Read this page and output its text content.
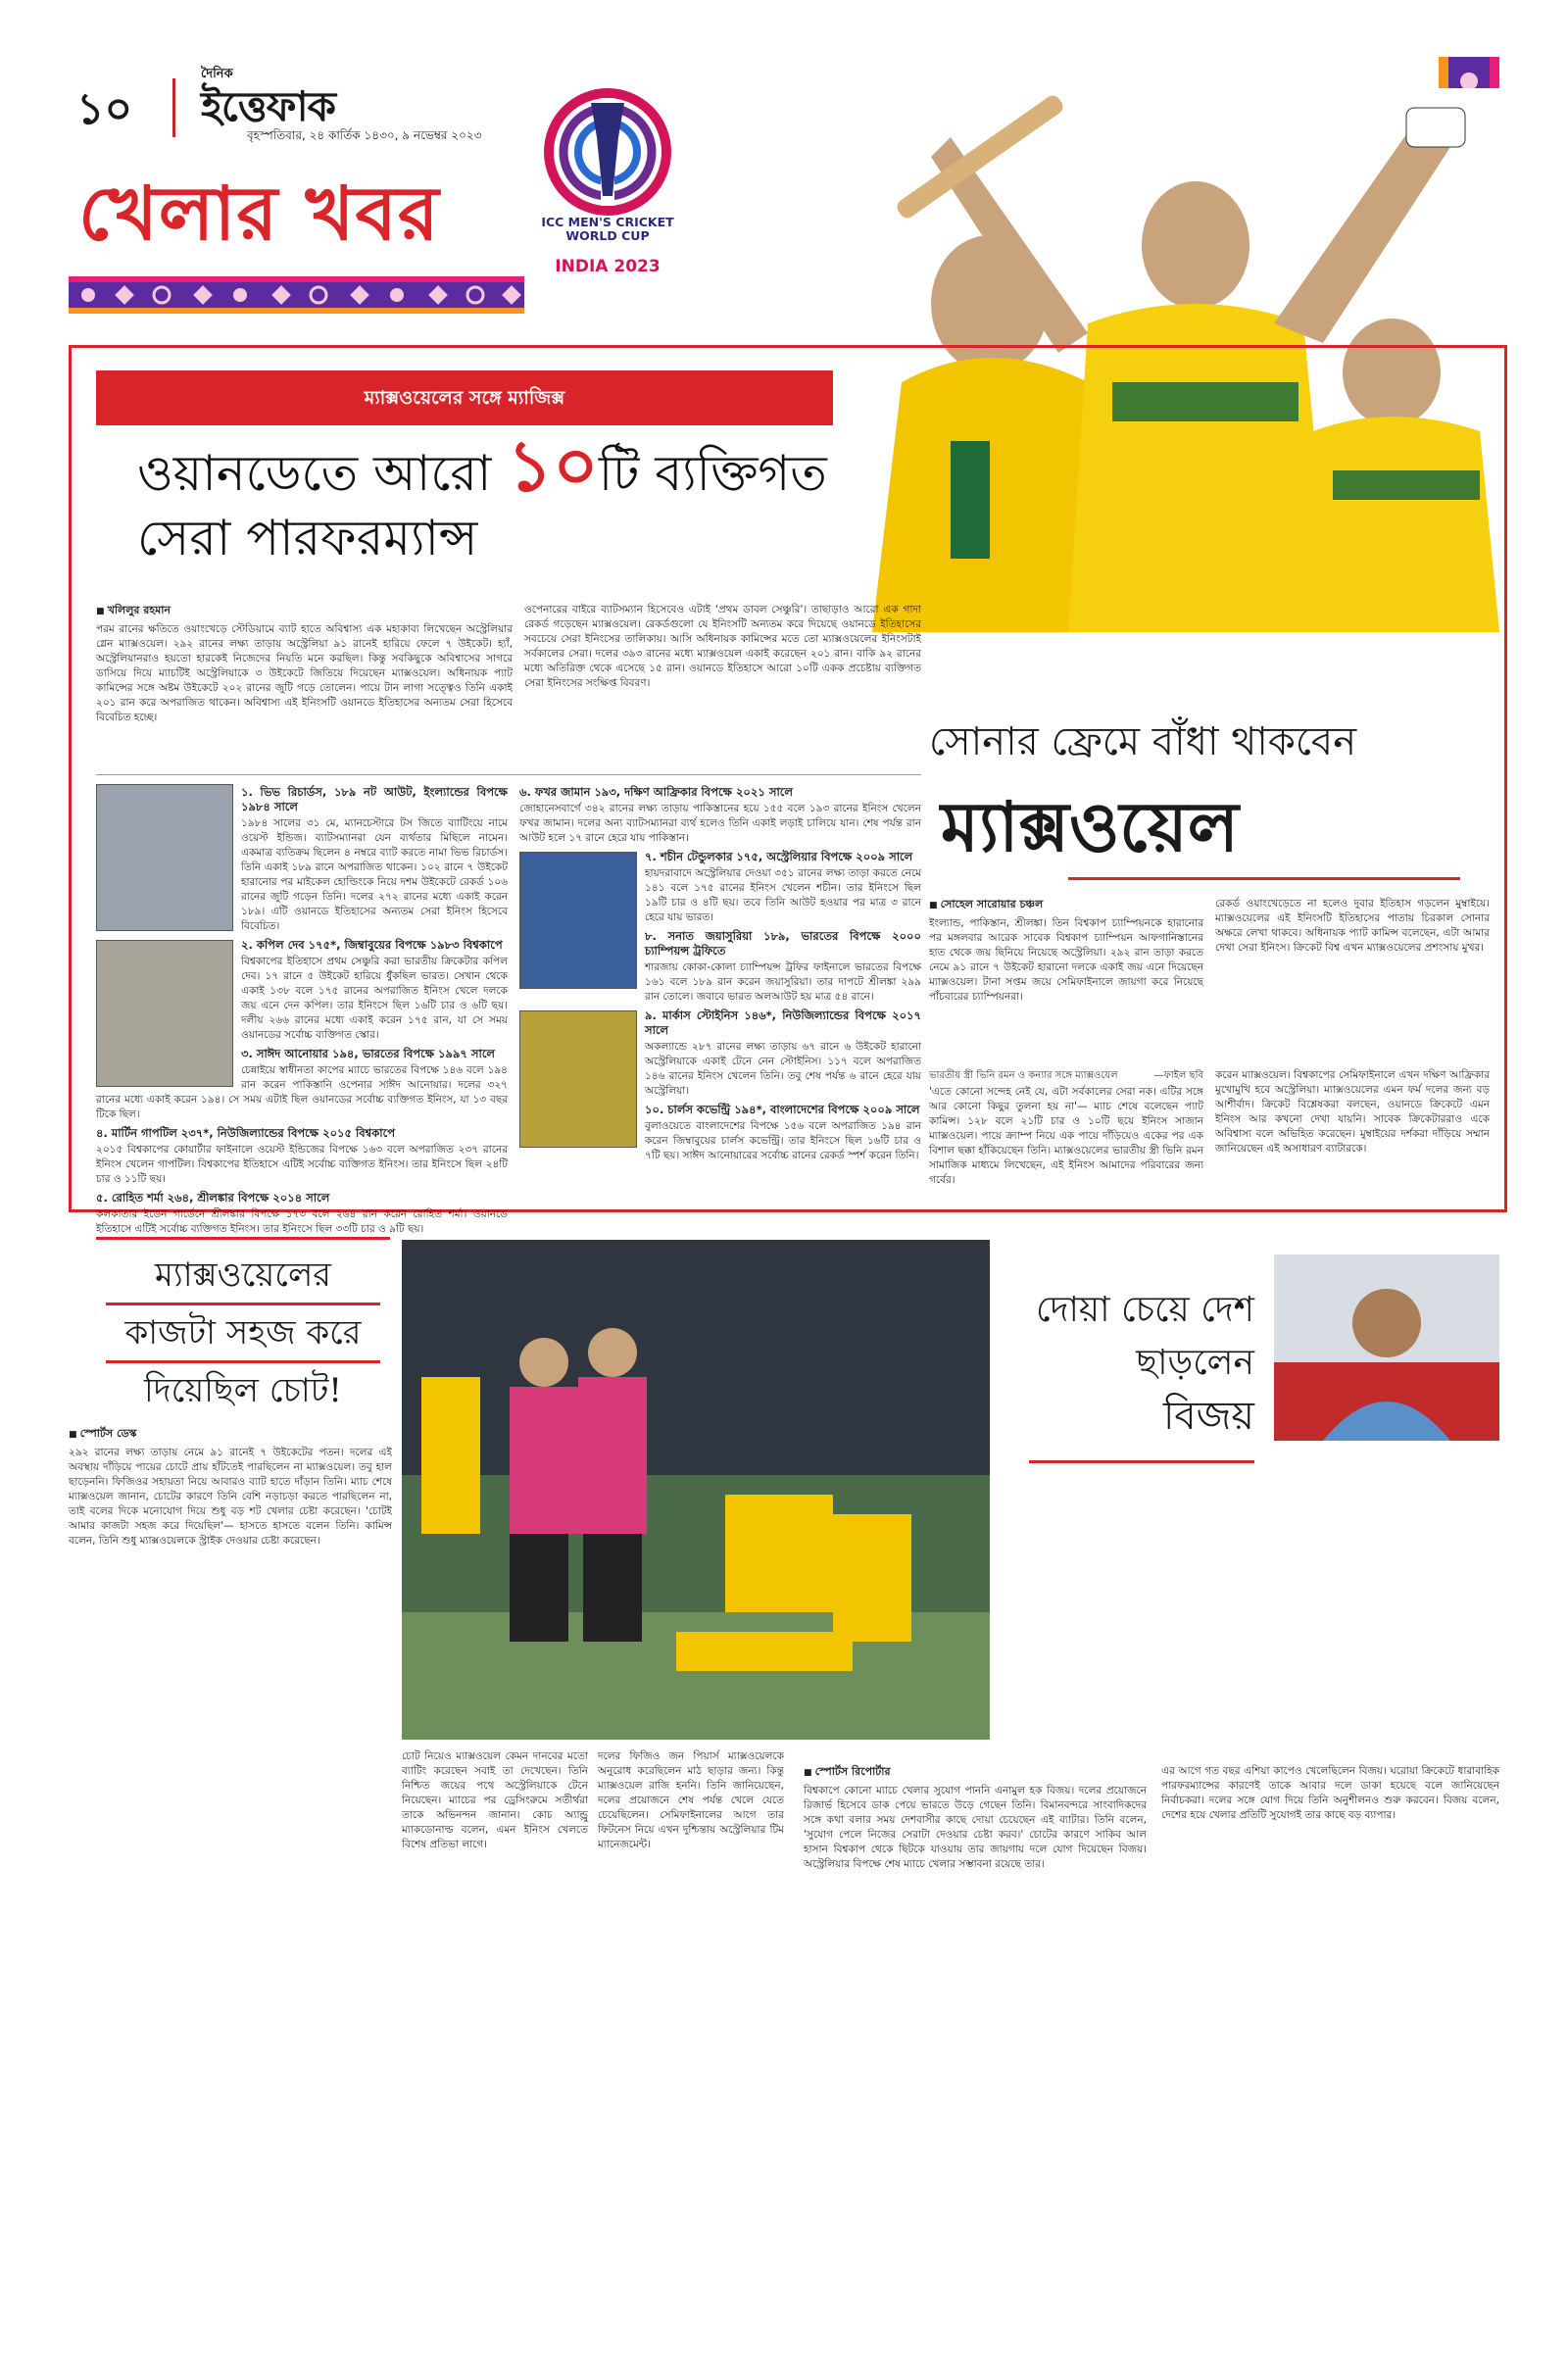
১০
দৈনিক
ইত্তেফাক
বৃহস্পতিবার, ২৪ কার্তিক ১৪৩০, ৯ নভেম্বর ২০২৩
খেলার খবর	ICC MEN'S CRICKET WORLD CUP
INDIA 2023
ম্যাক্সওয়েলের সঙ্গে ম্যাজিক্স
ওয়ানডেতে আরো ১০টি ব্যক্তিগত
সেরা পারফরম্যান্স
■ খলিলুর রহমান

পরম রানের ক্ষতিতে ওয়াংখেড়ে স্টেডিয়ামে ব্যাট হাতে অবিশ্বাস্য এক মহাকাব্য লিখেছেন অস্ট্রেলিয়ার গ্লেন ম্যাক্সওয়েল। ২৯২ রানের লক্ষ্য তাড়ায় অস্ট্রেলিয়া ৯১ রানেই হারিয়ে ফেলে ৭ উইকেট। হ্যাঁ, অস্ট্রেলিয়ানরাও হয়তো হারকেই নিজেদের নিয়তি মনে করছিল। কিন্তু সবকিছুকে অবিশ্বাসের সাগরে ডাসিয়ে দিয়ে ম্যাচটিই অস্ট্রেলিয়াকে ৩ উইকেটে জিতিয়ে দিয়েছেন ম্যাক্সওয়েল। অধিনায়ক প্যাট কামিন্সের সঙ্গে অষ্টম উইকেটে ২০২ রানের জুটি গড়ে তোলেন। পায়ে টান লাগা সত্ত্বেও তিনি একাই ২০১ রান করে অপরাজিত থাকেন। অবিশ্বাস্য এই ইনিংসটি ওয়ানডে ইতিহাসের অন্যতম সেরা হিসেবে বিবেচিত হচ্ছে।

ওপেনারের বাইরে ব্যাটসম্যান হিসেবেও এটাই 'প্রথম ডাবল সেঞ্চুরি'। তাছাড়াও আরো এক গাদা রেকর্ড গড়েছেন ম্যাক্সওয়েল। রেকর্ডগুলো যে ইনিংসটি অন্যতম করে দিয়েছে ওয়ানডে ইতিহাসের সবচেয়ে সেরা ইনিংসের তালিকায়। আসি অধিনায়ক কামিন্সের মতে তো ম্যাক্সওয়েলের ইনিংসটাই সর্বকালের সেরা। দলের ৩৯৩ রানের মধ্যে ম্যাক্সওয়েল একাই করেছেন ২০১ রান। বাকি ৯২ রানের মধ্যে অতিরিক্ত থেকে এসেছে ১৫ রান। ওয়ানডে ইতিহাসে আরো ১০টি একক প্রচেষ্টায় ব্যক্তিগত সেরা ইনিংসের সংক্ষিপ্ত বিবরণ।

১. ভিভ রিচার্ডস, ১৮৯ নট আউট, ইংল্যান্ডের বিপক্ষে ১৯৮৪ সালে

১৯৮৪ সালের ৩১ মে, ম্যানচেস্টারে টস জিতে ব্যাটিংয়ে নামে ওয়েস্ট ইন্ডিজ। ব্যাটসম্যানরা যেন ব্যর্থতার মিছিলে নামেন। একমাত্র ব্যতিক্রম ছিলেন ৪ নম্বরে ব্যাট করতে নামা ভিভ রিচার্ডস। তিনি একাই ১৮৯ রানে অপরাজিত থাকেন। ১০২ রানে ৭ উইকেট হারানোর পর মাইকেল হোল্ডিংকে নিয়ে দশম উইকেটে রেকর্ড ১০৬ রানের জুটি গড়েন তিনি। দলের ২৭২ রানের মধ্যে একাই করেন ১৮৯। এটি ওয়ানডে ইতিহাসের অন্যতম সেরা ইনিংস হিসেবে বিবেচিত।

২. কপিল দেব ১৭৫*, জিম্বাবুয়ের বিপক্ষে ১৯৮৩ বিশ্বকাপে

বিশ্বকাপের ইতিহাসে প্রথম সেঞ্চুরি করা ভারতীয় ক্রিকেটার কপিল দেব। ১৭ রানে ৫ উইকেট হারিয়ে ধুঁকছিল ভারত। সেখান থেকে একাই ১৩৮ বলে ১৭৫ রানের অপরাজিত ইনিংস খেলে দলকে জয় এনে দেন কপিল। তার ইনিংসে ছিল ১৬টি চার ও ৬টি ছয়। দলীয় ২৬৬ রানের মধ্যে একাই করেন ১৭৫ রান, যা সে সময় ওয়ানডের সর্বোচ্চ ব্যক্তিগত স্কোর।

৩. সাঈদ আনোয়ার ১৯৪, ভারতের বিপক্ষে ১৯৯৭ সালে

চেন্নাইয়ে স্বাধীনতা কাপের ম্যাচে ভারতের বিপক্ষে ১৪৬ বলে ১৯৪ রান করেন পাকিস্তানি ওপেনার সাঈদ আনোয়ার। দলের ৩২৭ রানের মধ্যে একাই করেন ১৯৪। সে সময় এটাই ছিল ওয়ানডের সর্বোচ্চ ব্যক্তিগত ইনিংস, যা ১৩ বছর টিকে ছিল।

৪. মার্টিন গাপটিল ২৩৭*, নিউজিল্যান্ডের বিপক্ষে ২০১৫ বিশ্বকাপে

২০১৫ বিশ্বকাপের কোয়ার্টার ফাইনালে ওয়েস্ট ইন্ডিজের বিপক্ষে ১৬৩ বলে অপরাজিত ২৩৭ রানের ইনিংস খেলেন গাপটিল। বিশ্বকাপের ইতিহাসে এটিই সর্বোচ্চ ব্যক্তিগত ইনিংস। তার ইনিংসে ছিল ২৪টি চার ও ১১টি ছয়।

৫. রোহিত শর্মা ২৬৪, শ্রীলঙ্কার বিপক্ষে ২০১৪ সালে

কলকাতার ইডেন গার্ডেনে শ্রীলঙ্কার বিপক্ষে ১৭৩ বলে ২৬৪ রান করেন রোহিত শর্মা। ওয়ানডে ইতিহাসে এটিই সর্বোচ্চ ব্যক্তিগত ইনিংস। তার ইনিংসে ছিল ৩৩টি চার ও ৯টি ছয়।

৬. ফখর জামান ১৯৩, দক্ষিণ আফ্রিকার বিপক্ষে ২০২১ সালে

জোহানেসবার্গে ৩৪২ রানের লক্ষ্য তাড়ায় পাকিস্তানের হয়ে ১৫৫ বলে ১৯৩ রানের ইনিংস খেলেন ফখর জামান। দলের অন্য ব্যাটসম্যানরা ব্যর্থ হলেও তিনি একাই লড়াই চালিয়ে যান। শেষ পর্যন্ত রান আউট হলে ১৭ রানে হেরে যায় পাকিস্তান।

৭. শচীন টেন্ডুলকার ১৭৫, অস্ট্রেলিয়ার বিপক্ষে ২০০৯ সালে

হায়দরাবাদে অস্ট্রেলিয়ার দেওয়া ৩৫১ রানের লক্ষ্য তাড়া করতে নেমে ১৪১ বলে ১৭৫ রানের ইনিংস খেলেন শচীন। তার ইনিংসে ছিল ১৯টি চার ও ৪টি ছয়। তবে তিনি আউট হওয়ার পর মাত্র ৩ রানে হেরে যায় ভারত।

৮. সনাত জয়াসুরিয়া ১৮৯, ভারতের বিপক্ষে ২০০০ চ্যাম্পিয়ন্স ট্রফিতে

শারজায় কোকা-কোলা চ্যাম্পিয়ন্স ট্রফির ফাইনালে ভারতের বিপক্ষে ১৬১ বলে ১৮৯ রান করেন জয়াসুরিয়া। তার দাপটে শ্রীলঙ্কা ২৯৯ রান তোলে। জবাবে ভারত অলআউট হয় মাত্র ৫৪ রানে।

৯. মার্কাস স্টোইনিস ১৪৬*, নিউজিল্যান্ডের বিপক্ষে ২০১৭ সালে

অকল্যান্ডে ২৮৭ রানের লক্ষ্য তাড়ায় ৬৭ রানে ৬ উইকেট হারানো অস্ট্রেলিয়াকে একাই টেনে নেন স্টোইনিস। ১১৭ বলে অপরাজিত ১৪৬ রানের ইনিংস খেলেন তিনি। তবু শেষ পর্যন্ত ৬ রানে হেরে যায় অস্ট্রেলিয়া।

১০. চার্লস কভেন্ট্রি ১৯৪*, বাংলাদেশের বিপক্ষে ২০০৯ সালে

বুলাওয়েতে বাংলাদেশের বিপক্ষে ১৫৬ বলে অপরাজিত ১৯৪ রান করেন জিম্বাবুয়ের চার্লস কভেন্ট্রি। তার ইনিংসে ছিল ১৬টি চার ও ৭টি ছয়। সাঈদ আনোয়ারের সর্বোচ্চ রানের রেকর্ড স্পর্শ করেন তিনি।

সোনার ফ্রেমে বাঁধা থাকবেন
ম্যাক্সওয়েল
■ সোহেল সারোয়ার চঞ্চল

ইংল্যান্ড, পাকিস্তান, শ্রীলঙ্কা। তিন বিশ্বকাপ চ্যাম্পিয়নকে হারানোর পর মঙ্গলবার আরেক সাবেক বিশ্বকাপ চ্যাম্পিয়ন আফগানিস্তানের হাত থেকে জয় ছিনিয়ে নিয়েছে অস্ট্রেলিয়া। ২৯২ রান তাড়া করতে নেমে ৯১ রানে ৭ উইকেট হারানো দলকে একাই জয় এনে দিয়েছেন ম্যাক্সওয়েল। টানা সপ্তম জয়ে সেমিফাইনালে জায়গা করে নিয়েছে পাঁচবারের চ্যাম্পিয়নরা।

রেকর্ড ওয়াংখেড়েতে না হলেও দুবার ইতিহাস গড়লেন মুম্বাইয়ে। ম্যাক্সওয়েলের এই ইনিংসটি ইতিহাসের পাতায় চিরকাল সোনার অক্ষরে লেখা থাকবে। অধিনায়ক প্যাট কামিন্স বলেছেন, এটা আমার দেখা সেরা ইনিংস। ক্রিকেট বিশ্ব এখন ম্যাক্সওয়েলের প্রশংসায় মুখর।

করেন ম্যাক্সওয়েল। বিশ্বকাপের সেমিফাইনালে এখন দক্ষিণ আফ্রিকার মুখোমুখি হবে অস্ট্রেলিয়া। ম্যাক্সওয়েলের এমন ফর্ম দলের জন্য বড় আশীর্বাদ। ক্রিকেট বিশ্লেষকরা বলছেন, ওয়ানডে ক্রিকেটে এমন ইনিংস আর কখনো দেখা যায়নি। সাবেক ক্রিকেটাররাও একে অবিশ্বাস্য বলে অভিহিত করেছেন। মুম্বাইয়ের দর্শকরা দাঁড়িয়ে সম্মান জানিয়েছেন এই অসাধারণ ব্যাটারকে।

ভারতীয় স্ত্রী ভিনি রমন ও কন্যার সঙ্গে ম্যাক্সওয়েল	—ফাইল ছবি

'এতে কোনো সন্দেহ নেই যে, এটা সর্বকালের সেরা নক। এটির সঙ্গে আর কোনো কিছুর তুলনা হয় না'— ম্যাচ শেষে বলেছেন প্যাট কামিন্স। ১২৮ বলে ২১টি চার ও ১০টি ছয়ে ইনিংস সাজান ম্যাক্সওয়েল। পায়ে ক্র্যাম্প নিয়ে এক পায়ে দাঁড়িয়েও একের পর এক বিশাল ছক্কা হাঁকিয়েছেন তিনি। ম্যাক্সওয়েলের ভারতীয় স্ত্রী ভিনি রমন সামাজিক মাধ্যমে লিখেছেন, এই ইনিংস আমাদের পরিবারের জন্য গর্বের।

ম্যাক্সওয়েলের
কাজটা সহজ করে
দিয়েছিল চোট!
■ স্পোর্টস ডেস্ক

২৯২ রানের লক্ষ্য তাড়ায় নেমে ৯১ রানেই ৭ উইকেটের পতন। দলের এই অবস্থায় দাঁড়িয়ে পায়ের চোটে প্রায় হাঁটতেই পারছিলেন না ম্যাক্সওয়েল। তবু হাল ছাড়েননি। ফিজিওর সহায়তা নিয়ে আবারও ব্যাট হাতে দাঁড়ান তিনি। ম্যাচ শেষে ম্যাক্সওয়েল জানান, চোটের কারণে তিনি বেশি নড়াচড়া করতে পারছিলেন না, তাই বলের দিকে মনোযোগ দিয়ে শুধু বড় শট খেলার চেষ্টা করেছেন। 'চোটই আমার কাজটা সহজ করে দিয়েছিল'— হাসতে হাসতে বলেন তিনি। কামিন্স বলেন, তিনি শুধু ম্যাক্সওয়েলকে স্ট্রাইক দেওয়ার চেষ্টা করেছেন।

চোট নিয়েও ম্যাক্সওয়েল কেমন দানবের মতো ব্যাটিং করেছেন সবাই তা দেখেছেন। তিনি নিশ্চিত জয়ের পথে অস্ট্রেলিয়াকে টেনে নিয়েছেন। ম্যাচের পর ড্রেসিংরুমে সতীর্থরা তাকে অভিনন্দন জানান। কোচ অ্যান্ড্রু ম্যাকডোনাল্ড বলেন, এমন ইনিংস খেলতে বিশেষ প্রতিভা লাগে।

দলের ফিজিও জন পিয়ার্স ম্যাক্সওয়েলকে অনুরোধ করেছিলেন মাঠ ছাড়ার জন্য। কিন্তু ম্যাক্সওয়েল রাজি হননি। তিনি জানিয়েছেন, দলের প্রয়োজনে শেষ পর্যন্ত খেলে যেতে চেয়েছিলেন। সেমিফাইনালের আগে তার ফিটনেস নিয়ে এখন দুশ্চিন্তায় অস্ট্রেলিয়ার টিম ম্যানেজমেন্ট।

দোয়া চেয়ে দেশ
ছাড়লেন
বিজয়
■ স্পোর্টস রিপোর্টার

বিশ্বকাপে কোনো ম্যাচে খেলার সুযোগ পাননি এনামুল হক বিজয়। দলের প্রয়োজনে রিজার্ভ হিসেবে ডাক পেয়ে ভারতে উড়ে গেছেন তিনি। বিমানবন্দরে সাংবাদিকদের সঙ্গে কথা বলার সময় দেশবাসীর কাছে দোয়া চেয়েছেন এই ব্যাটার। তিনি বলেন, 'সুযোগ পেলে নিজের সেরাটা দেওয়ার চেষ্টা করব।' চোটের কারণে সাকিব আল হাসান বিশ্বকাপ থেকে ছিটকে যাওয়ায় তার জায়গায় দলে যোগ দিয়েছেন বিজয়। অস্ট্রেলিয়ার বিপক্ষে শেষ ম্যাচে খেলার সম্ভাবনা রয়েছে তার।

এর আগে গত বছর এশিয়া কাপেও খেলেছিলেন বিজয়। ঘরোয়া ক্রিকেটে ধারাবাহিক পারফরম্যান্সের কারণেই তাকে আবার দলে ডাকা হয়েছে বলে জানিয়েছেন নির্বাচকরা। দলের সঙ্গে যোগ দিয়ে তিনি অনুশীলনও শুরু করবেন। বিজয় বলেন, দেশের হয়ে খেলার প্রতিটি সুযোগই তার কাছে বড় ব্যাপার।
